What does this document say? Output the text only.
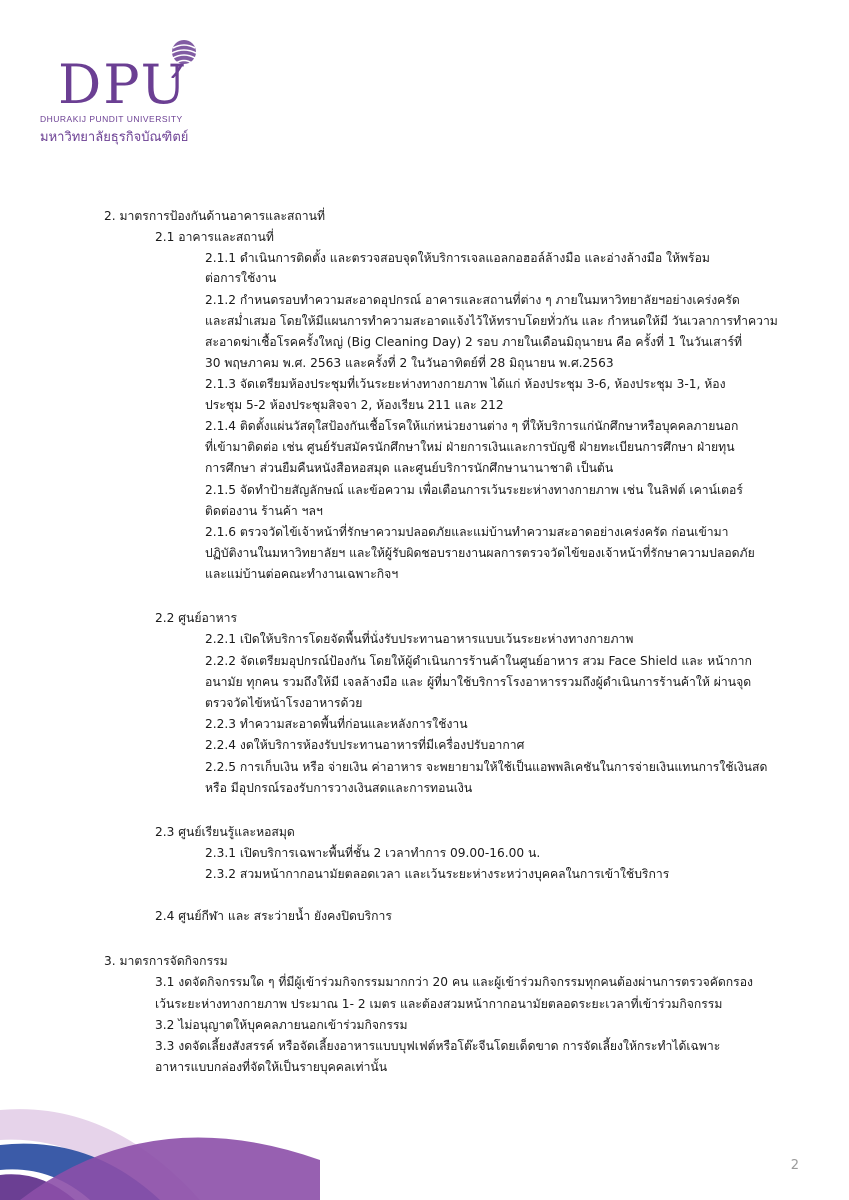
DPU
DHURAKIJ PUNDIT UNIVERSITY
มหาวิทยาลัยธุรกิจบัณฑิตย์
2. มาตรการป้องกันด้านอาคารและสถานที่
2.1 อาคารและสถานที่
2.1.1 ดำเนินการติดตั้ง และตรวจสอบจุดให้บริการเจลแอลกอฮอล์ล้างมือ และอ่างล้างมือ ให้พร้อม
ต่อการใช้งาน
2.1.2 กำหนดรอบทำความสะอาดอุปกรณ์ อาคารและสถานที่ต่าง ๆ ภายในมหาวิทยาลัยฯอย่างเคร่งครัด
และสม่ำเสมอ โดยให้มีแผนการทำความสะอาดแจ้งไว้ให้ทราบโดยทั่วกัน และ กำหนดให้มี วันเวลาการทำความ
สะอาดฆ่าเชื้อโรคครั้งใหญ่ (Big Cleaning Day) 2 รอบ ภายในเดือนมิถุนายน คือ ครั้งที่ 1 ในวันเสาร์ที่
30 พฤษภาคม พ.ศ. 2563 และครั้งที่ 2 ในวันอาทิตย์ที่ 28 มิถุนายน พ.ศ.2563
2.1.3 จัดเตรียมห้องประชุมที่เว้นระยะห่างทางกายภาพ ได้แก่ ห้องประชุม 3-6, ห้องประชุม 3-1, ห้อง
ประชุม 5-2 ห้องประชุมสิจจา 2, ห้องเรียน 211 และ 212
2.1.4 ติดตั้งแผ่นวัสดุใสป้องกันเชื้อโรคให้แก่หน่วยงานต่าง ๆ ที่ให้บริการแก่นักศึกษาหรือบุคคลภายนอก
ที่เข้ามาติดต่อ เช่น ศูนย์รับสมัครนักศึกษาใหม่ ฝ่ายการเงินและการบัญชี ฝ่ายทะเบียนการศึกษา ฝ่ายทุน
การศึกษา ส่วนยืมคืนหนังสือหอสมุด และศูนย์บริการนักศึกษานานาชาติ เป็นต้น
2.1.5 จัดทำป้ายสัญลักษณ์ และข้อความ เพื่อเตือนการเว้นระยะห่างทางกายภาพ เช่น ในลิฟต์ เคาน์เตอร์
ติดต่องาน ร้านค้า ฯลฯ
2.1.6 ตรวจวัดไข้เจ้าหน้าที่รักษาความปลอดภัยและแม่บ้านทำความสะอาดอย่างเคร่งครัด ก่อนเข้ามา
ปฏิบัติงานในมหาวิทยาลัยฯ และให้ผู้รับผิดชอบรายงานผลการตรวจวัดไข้ของเจ้าหน้าที่รักษาความปลอดภัย
และแม่บ้านต่อคณะทำงานเฉพาะกิจฯ
2.2 ศูนย์อาหาร
2.2.1 เปิดให้บริการโดยจัดพื้นที่นั่งรับประทานอาหารแบบเว้นระยะห่างทางกายภาพ
2.2.2 จัดเตรียมอุปกรณ์ป้องกัน โดยให้ผู้ดำเนินการร้านค้าในศูนย์อาหาร สวม Face Shield และ หน้ากาก
อนามัย ทุกคน รวมถึงให้มี เจลล้างมือ และ ผู้ที่มาใช้บริการโรงอาหารรวมถึงผู้ดำเนินการร้านค้าให้ ผ่านจุด
ตรวจวัดไข้หน้าโรงอาหารด้วย
2.2.3 ทำความสะอาดพื้นที่ก่อนและหลังการใช้งาน
2.2.4 งดให้บริการห้องรับประทานอาหารที่มีเครื่องปรับอากาศ
2.2.5 การเก็บเงิน หรือ จ่ายเงิน ค่าอาหาร จะพยายามให้ใช้เป็นแอพพลิเคชันในการจ่ายเงินแทนการใช้เงินสด
หรือ มีอุปกรณ์รองรับการวางเงินสดและการทอนเงิน
2.3 ศูนย์เรียนรู้และหอสมุด
2.3.1 เปิดบริการเฉพาะพื้นที่ชั้น 2 เวลาทำการ 09.00-16.00 น.
2.3.2 สวมหน้ากากอนามัยตลอดเวลา และเว้นระยะห่างระหว่างบุคคลในการเข้าใช้บริการ
2.4 ศูนย์กีฬา และ สระว่ายน้ำ ยังคงปิดบริการ
3. มาตรการจัดกิจกรรม
3.1 งดจัดกิจกรรมใด ๆ ที่มีผู้เข้าร่วมกิจกรรมมากกว่า 20 คน และผู้เข้าร่วมกิจกรรมทุกคนต้องผ่านการตรวจคัดกรอง
เว้นระยะห่างทางกายภาพ ประมาณ 1- 2 เมตร และต้องสวมหน้ากากอนามัยตลอดระยะเวลาที่เข้าร่วมกิจกรรม
3.2 ไม่อนุญาตให้บุคคลภายนอกเข้าร่วมกิจกรรม
3.3 งดจัดเลี้ยงสังสรรค์ หรือจัดเลี้ยงอาหารแบบบุฟเฟต์หรือโต๊ะจีนโดยเด็ดขาด การจัดเลี้ยงให้กระทำได้เฉพาะ
อาหารแบบกล่องที่จัดให้เป็นรายบุคคลเท่านั้น
2
